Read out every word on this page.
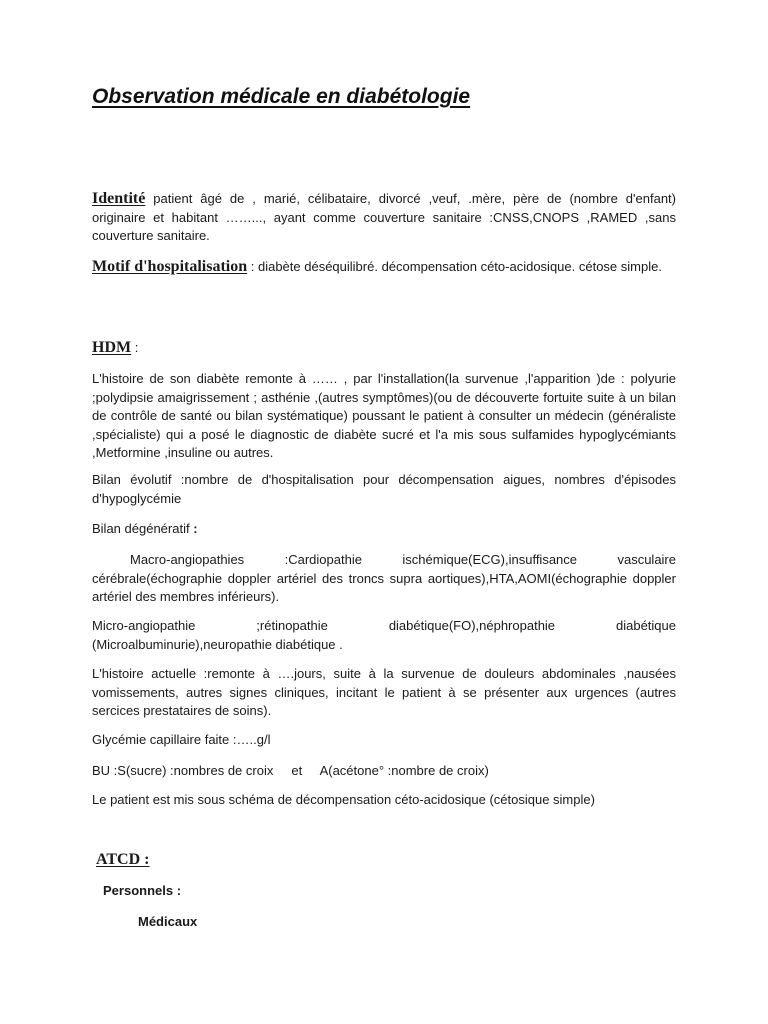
Observation médicale en diabétologie

Identité patient âgé de , marié, célibataire, divorcé ,veuf, .mère, père de (nombre d'enfant) originaire et habitant ……..., ayant comme couverture sanitaire :CNSS,CNOPS ,RAMED ,sans couverture sanitaire.

Motif d'hospitalisation : diabète déséquilibré. décompensation céto-acidosique. cétose simple.

HDM :

L'histoire de son diabète remonte à …… , par l'installation(la survenue ,l'apparition )de : polyurie ;polydipsie amaigrissement ; asthénie ,(autres symptômes)(ou de découverte fortuite suite à un bilan de contrôle de santé ou bilan systématique) poussant le patient à consulter un médecin (généraliste ,spécialiste) qui a posé le diagnostic de diabète sucré et l'a mis sous sulfamides hypoglycémiants ,Metformine ,insuline ou autres.

Bilan évolutif :nombre de d'hospitalisation pour décompensation aigues, nombres d'épisodes d'hypoglycémie

Bilan dégénératif :

Macro-angiopathies :Cardiopathie ischémique(ECG),insuffisance vasculaire cérébrale(échographie doppler artériel des troncs supra aortiques),HTA,AOMI(échographie doppler artériel des membres inférieurs).

Micro-angiopathie ;rétinopathie diabétique(FO),néphropathie diabétique (Microalbuminurie),neuropathie diabétique .

L'histoire actuelle :remonte à ….jours, suite à la survenue de douleurs abdominales ,nausées vomissements, autres signes cliniques, incitant le patient à se présenter aux urgences (autres sercices prestataires de soins).

Glycémie capillaire faite :…..g/l

BU :S(sucre) :nombres de croix     et     A(acétone° :nombre de croix)

Le patient est mis sous schéma de décompensation céto-acidosique (cétosique simple)

ATCD :

Personnels :

Médicaux
